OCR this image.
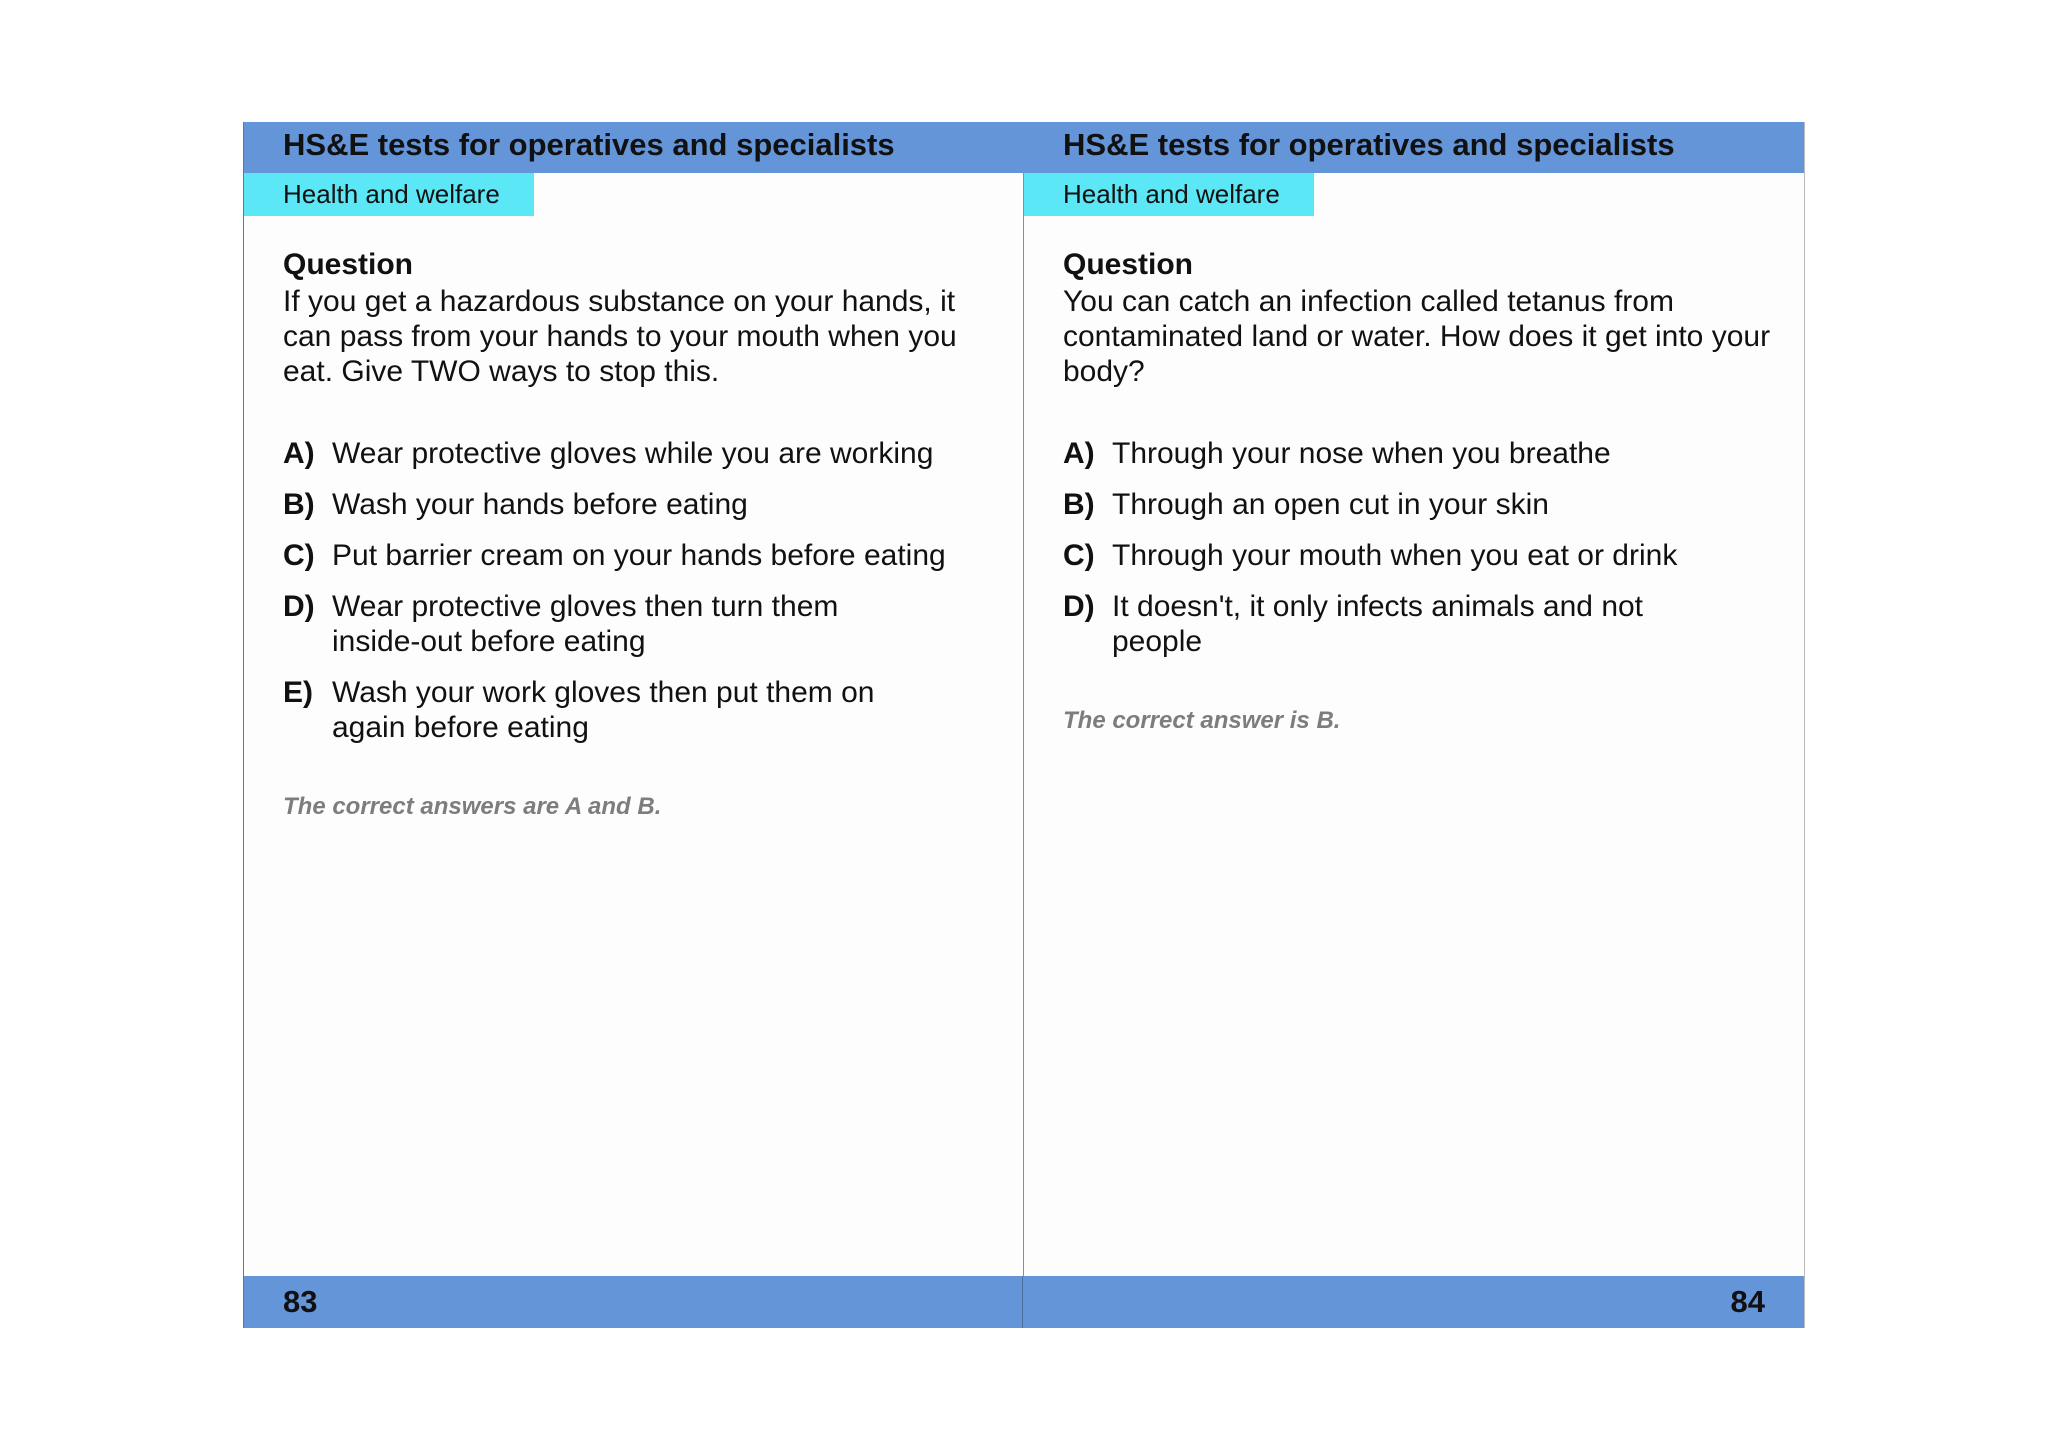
HS&E tests for operatives and specialists
Health and welfare
Question

If you get a hazardous substance on your hands, it can pass from your hands to your mouth when you eat. Give TWO ways to stop this.

A) Wear protective gloves while you are working
B) Wash your hands before eating
C) Put barrier cream on your hands before eating
D) Wear protective gloves then turn them inside-out before eating
E) Wash your work gloves then put them on again before eating
The correct answers are A and B.
83
HS&E tests for operatives and specialists
Health and welfare
Question

You can catch an infection called tetanus from contaminated land or water. How does it get into your body?

A) Through your nose when you breathe
B) Through an open cut in your skin
C) Through your mouth when you eat or drink
D) It doesn't, it only infects animals and not people
The correct answer is B.
84
